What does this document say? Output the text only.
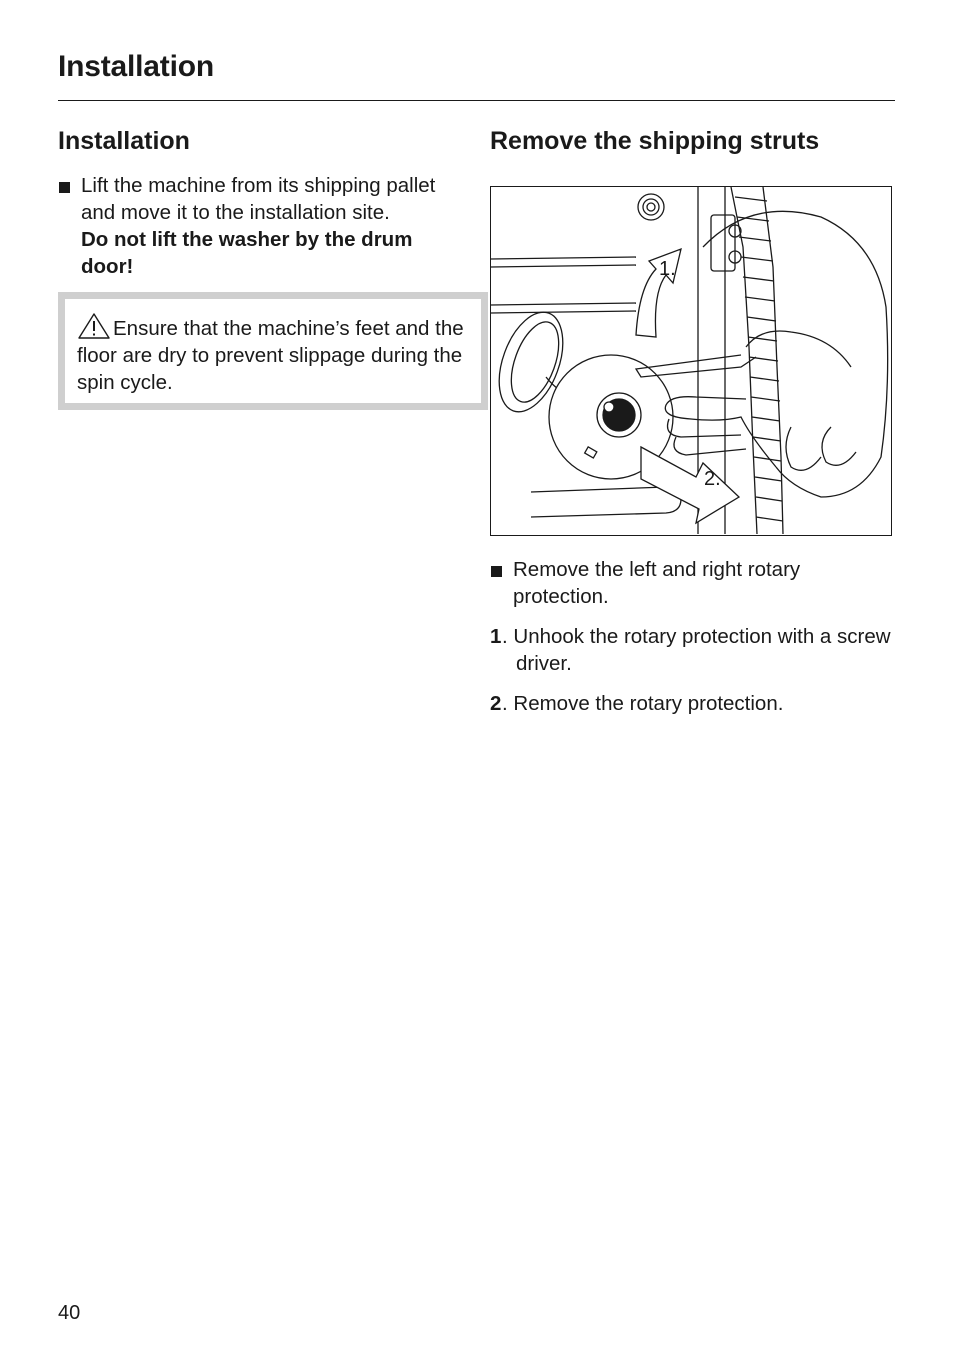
Installation
Installation
Lift the machine from its shipping pallet and move it to the installation site.
Do not lift the washer by the drum door!
Ensure that the machine’s feet and the floor are dry to prevent slippage during the spin cycle.
Remove the shipping struts
1.
2.
Remove the left and right rotary protection.
1 . Unhook the rotary protection with a screw driver.
2 . Remove the rotary protection.
40
